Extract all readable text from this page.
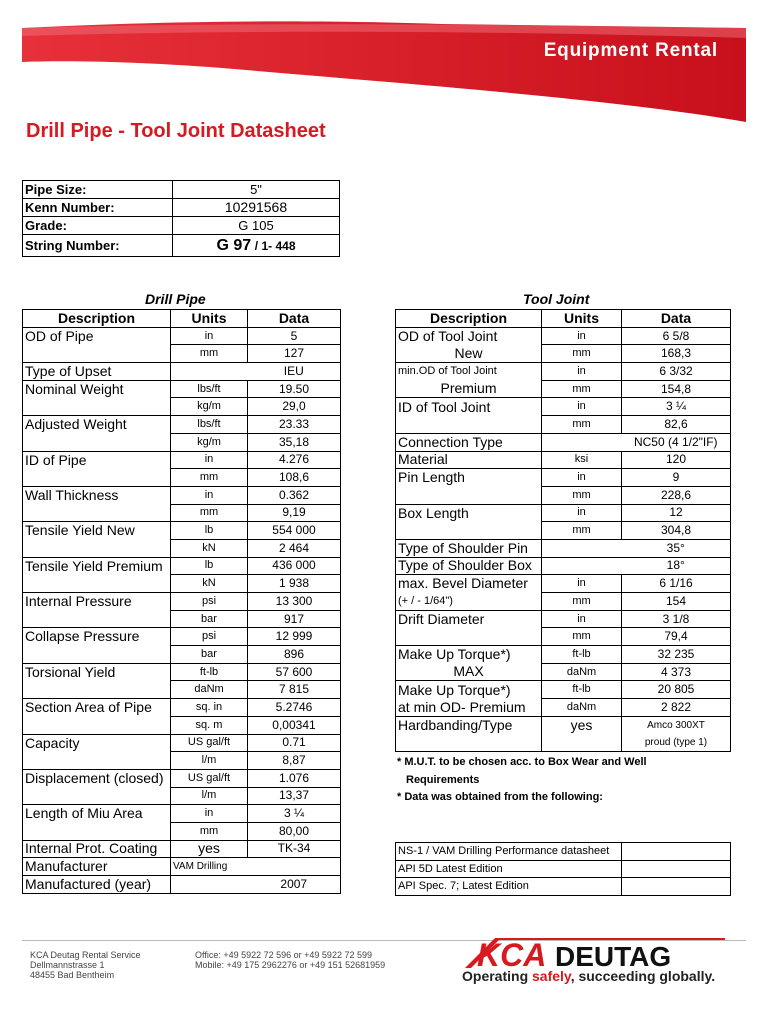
Equipment Rental
Drill Pipe - Tool Joint Datasheet
Pipe Size:	5"
Kenn Number:	10291568
Grade:	G 105
String Number:	G 97 / 1- 448
Drill Pipe	Tool Joint
Description	Units	Data
OD of Pipe	in	5
	mm	127
Type of Upset		IEU
Nominal Weight	lbs/ft	19.50
	kg/m	29,0
Adjusted Weight	lbs/ft	23.33
	kg/m	35,18
ID of Pipe	in	4.276
	mm	108,6
Wall Thickness	in	0.362
	mm	9,19
Tensile Yield New	lb	554 000
	kN	2 464
Tensile Yield Premium	lb	436 000
	kN	1 938
Internal Pressure	psi	13 300
	bar	917
Collapse Pressure	psi	12 999
	bar	896
Torsional Yield	ft-lb	57 600
	daNm	7 815
Section Area of Pipe	sq. in	5.2746
	sq. m	0,00341
Capacity	US gal/ft	0.71
	l/m	8,87
Displacement (closed)	US gal/ft	1.076
	l/m	13,37
Length of Miu Area	in	3 ¼
	mm	80,00
Internal Prot. Coating	yes	TK-34
Manufacturer	VAM Drilling	
Manufactured (year)		2007
Description	Units	Data
OD of Tool Joint	in	6 5/8
New	mm	168,3
min.OD of Tool Joint	in	6 3/32
Premium	mm	154,8
ID of Tool Joint	in	3 ¼
	mm	82,6
Connection Type		NC50 (4 1/2"IF)
Material	ksi	120
Pin Length	in	9
	mm	228,6
Box Length	in	12
	mm	304,8
Type of Shoulder Pin		35°
Type of Shoulder Box		18°
max. Bevel Diameter	in	6 1/16
(+ / - 1/64")	mm	154
Drift Diameter	in	3 1/8
	mm	79,4
Make Up Torque*)	ft-lb	32 235
MAX	daNm	4 373
Make Up Torque*)	ft-lb	20 805
at min OD- Premium	daNm	2 822
Hardbanding/Type	yes	Amco 300XT
		proud (type 1)
* M.U.T. to be chosen acc. to Box Wear and Well
Requirements
* Data was obtained from the following:
NS-1 / VAM Drilling Performance datasheet	
API 5D Latest Edition	
API Spec. 7; Latest Edition	
KCA Deutag Rental Service
Dellmannstrasse 1
48455 Bad Bentheim
Office: +49 5922 72 596 or +49 5922 72 599
Mobile: +49 175 2962276 or +49 151 52681959	KCA DEUTAG
Operating safely, succeeding globally.
